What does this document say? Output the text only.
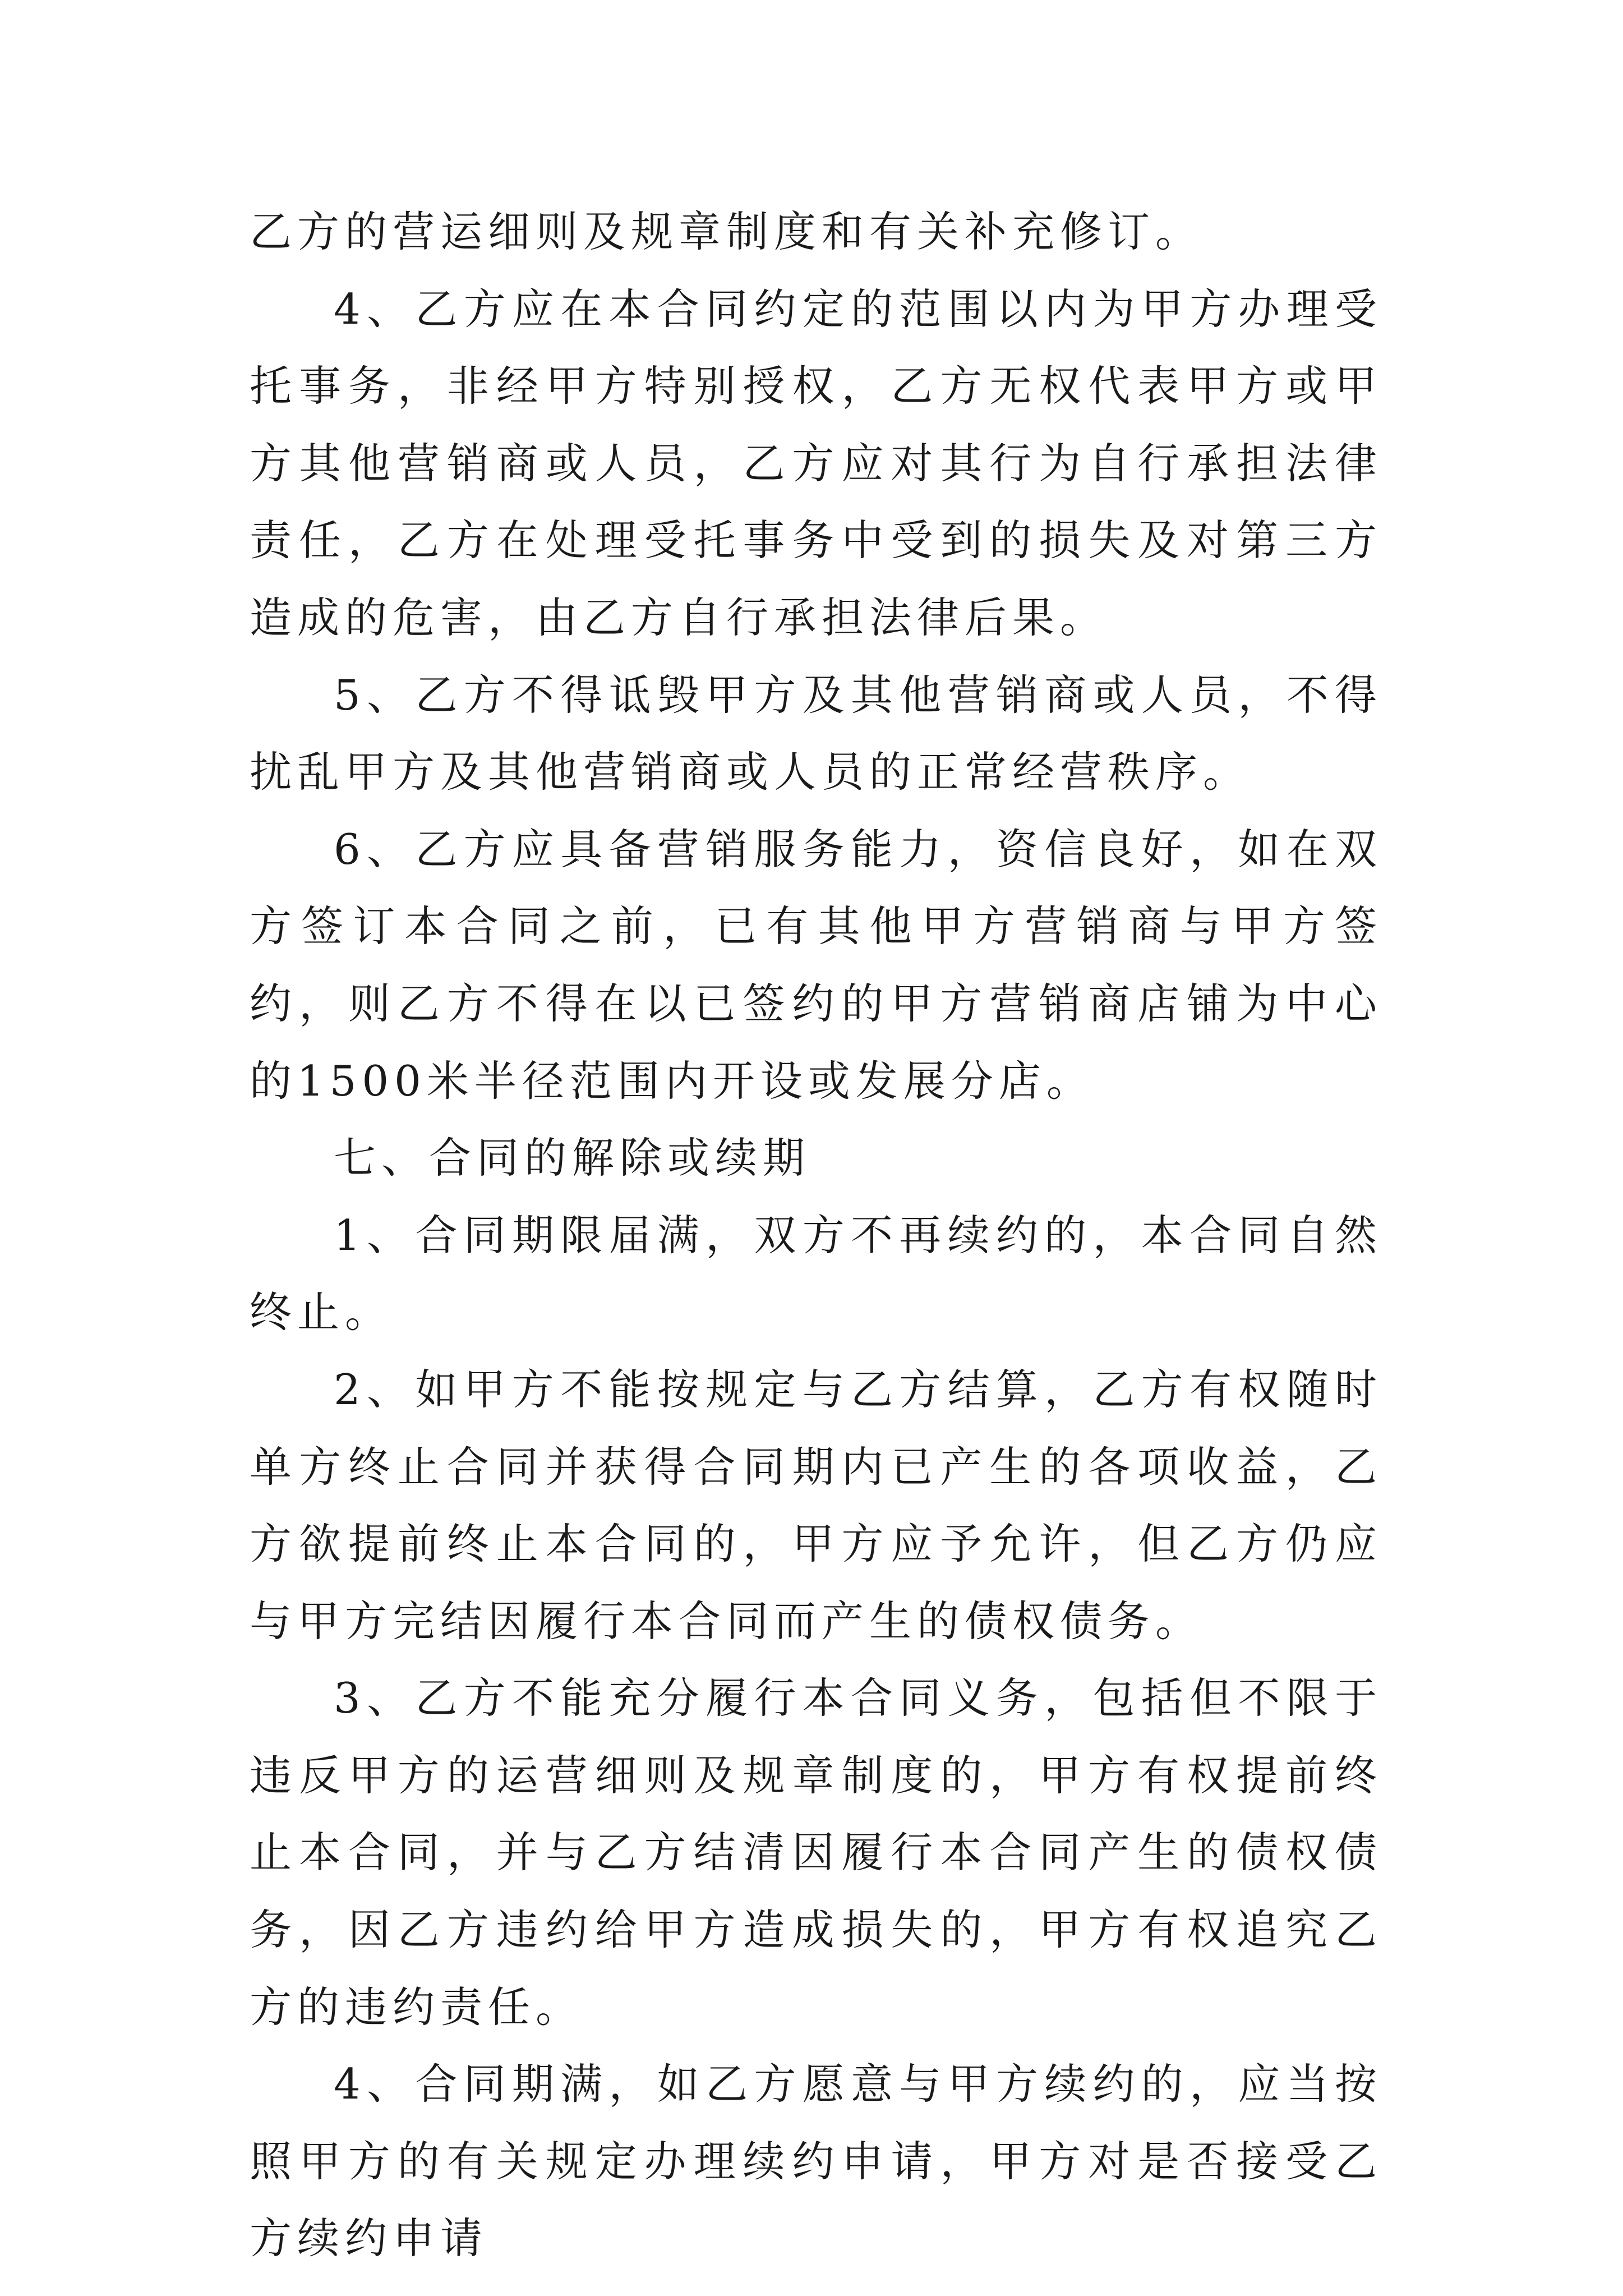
乙方的营运细则及规章制度和有关补充修订。

4、乙方应在本合同约定的范围以内为甲方办理受托事务，非经甲方特别授权，乙方无权代表甲方或甲方其他营销商或人员，乙方应对其行为自行承担法律责任，乙方在处理受托事务中受到的损失及对第三方造成的危害，由乙方自行承担法律后果。

5、乙方不得诋毁甲方及其他营销商或人员，不得扰乱甲方及其他营销商或人员的正常经营秩序。

6、乙方应具备营销服务能力，资信良好，如在双方签订本合同之前，已有其他甲方营销商与甲方签约，则乙方不得在以已签约的甲方营销商店铺为中心的1500米半径范围内开设或发展分店。

七、合同的解除或续期

1、合同期限届满，双方不再续约的，本合同自然终止。

2、如甲方不能按规定与乙方结算，乙方有权随时单方终止合同并获得合同期内已产生的各项收益，乙方欲提前终止本合同的，甲方应予允许，但乙方仍应与甲方完结因履行本合同而产生的债权债务。

3、乙方不能充分履行本合同义务，包括但不限于违反甲方的运营细则及规章制度的，甲方有权提前终止本合同，并与乙方结清因履行本合同产生的债权债务，因乙方违约给甲方造成损失的，甲方有权追究乙方的违约责任。

4、合同期满，如乙方愿意与甲方续约的，应当按照甲方的有关规定办理续约申请，甲方对是否接受乙方续约申请
